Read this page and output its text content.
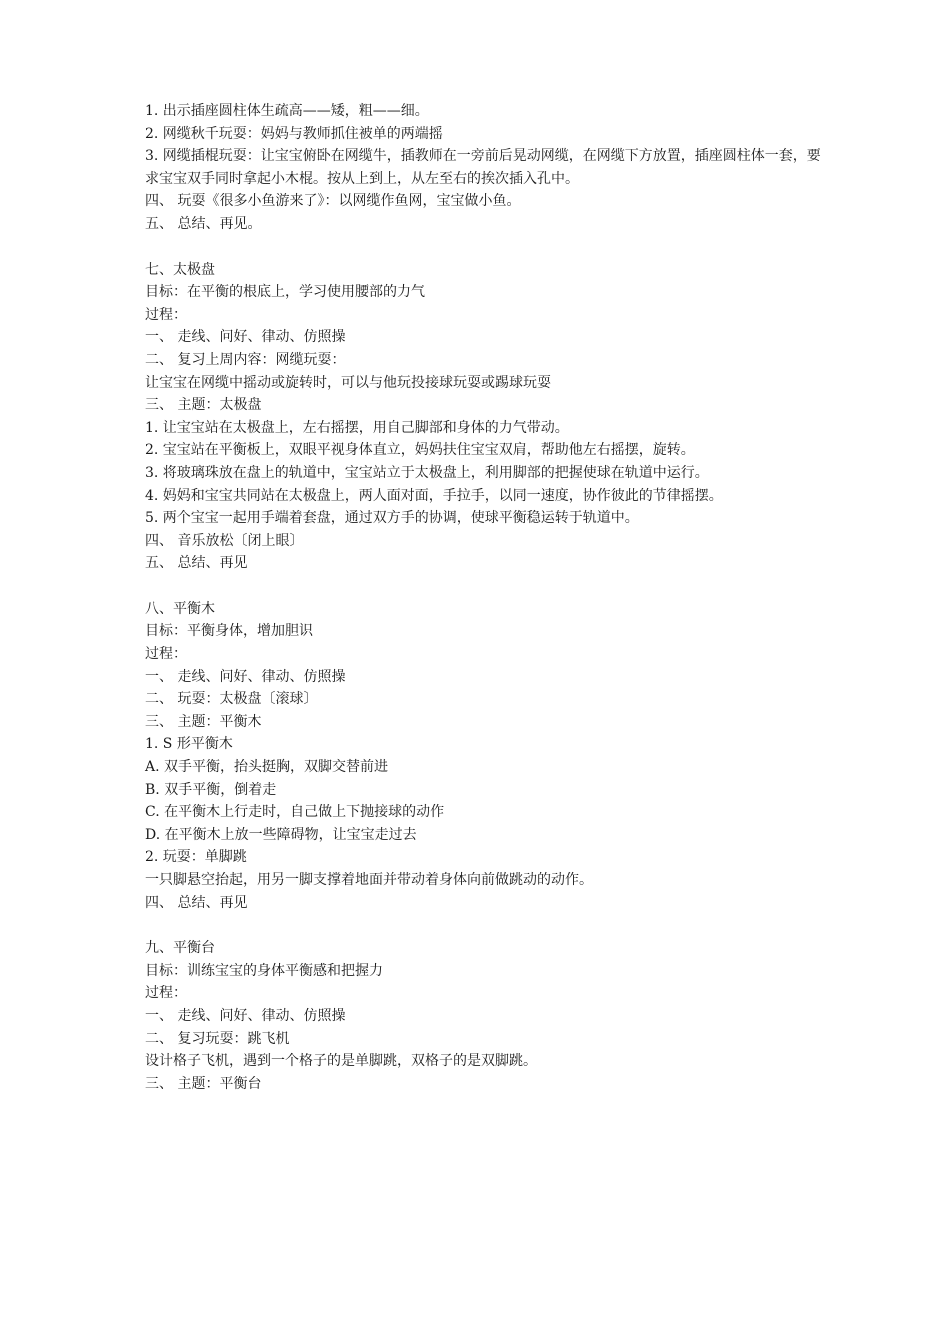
1. 出示插座圆柱体生疏高——矮，粗——细。
2. 网缆秋千玩耍：妈妈与教师抓住被单的两端摇
3. 网缆插棍玩耍：让宝宝俯卧在网缆牛，插教师在一旁前后晃动网缆，在网缆下方放置，插座圆柱体一套，要求宝宝双手同时拿起小木棍。按从上到上，从左至右的挨次插入孔中。
四、 玩耍《很多小鱼游来了》：以网缆作鱼网，宝宝做小鱼。
五、 总结、再见。
七、太极盘
目标：在平衡的根底上，学习使用腰部的力气
过程：
一、 走线、问好、律动、仿照操
二、 复习上周内容：网缆玩耍：
让宝宝在网缆中摇动或旋转时，可以与他玩投接球玩耍或踢球玩耍
三、 主题：太极盘
1. 让宝宝站在太极盘上，左右摇摆，用自己脚部和身体的力气带动。
2. 宝宝站在平衡板上，双眼平视身体直立，妈妈扶住宝宝双肩，帮助他左右摇摆，旋转。
3. 将玻璃珠放在盘上的轨道中，宝宝站立于太极盘上，利用脚部的把握使球在轨道中运行。
4. 妈妈和宝宝共同站在太极盘上，两人面对面，手拉手，以同一速度，协作彼此的节律摇摆。
5. 两个宝宝一起用手端着套盘，通过双方手的协调，使球平衡稳运转于轨道中。
四、 音乐放松〔闭上眼〕
五、 总结、再见
八、平衡木
目标：平衡身体，增加胆识
过程：
一、 走线、问好、律动、仿照操
二、 玩耍：太极盘〔滚球〕
三、 主题：平衡木
1. S 形平衡木
A. 双手平衡，抬头挺胸，双脚交替前进
B. 双手平衡，倒着走
C. 在平衡木上行走时，自己做上下抛接球的动作
D. 在平衡木上放一些障碍物，让宝宝走过去
2. 玩耍：单脚跳
一只脚悬空抬起，用另一脚支撑着地面并带动着身体向前做跳动的动作。
四、 总结、再见
九、平衡台
目标：训练宝宝的身体平衡感和把握力
过程：
一、 走线、问好、律动、仿照操
二、 复习玩耍：跳飞机
设计格子飞机，遇到一个格子的是单脚跳，双格子的是双脚跳。
三、 主题：平衡台
